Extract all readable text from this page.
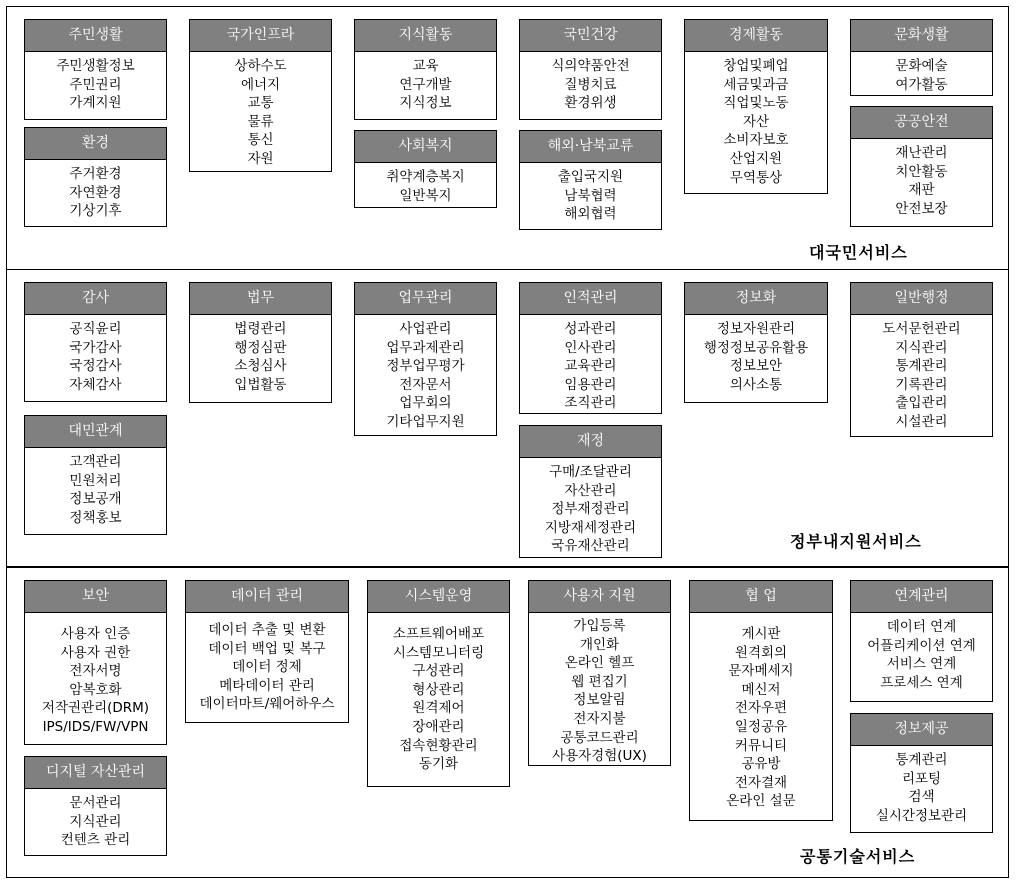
대국민서비스
주민생활
주민생활정보
주민권리
가계지원
환경
주거환경
자연환경
기상기후
국가인프라
상하수도
에너지
교통
물류
통신
자원
지식활동
교육
연구개발
지식정보
사회복지
취약계층복지
일반복지
국민건강
식의약품안전
질병치료
환경위생
해외·남북교류
출입국지원
남북협력
해외협력
경제활동
창업및폐업
세금및과금
직업및노동
자산
소비자보호
산업지원
무역통상
문화생활
문화예술
여가활동
공공안전
재난관리
치안활동
재판
안전보장
정부내지원서비스
감사
공직윤리
국가감사
국정감사
자체감사
대민관계
고객관리
민원처리
정보공개
정책홍보
법무
법령관리
행정심판
소청심사
입법활동
업무관리
사업관리
업무과제관리
정부업무평가
전자문서
업무회의
기타업무지원
인적관리
성과관리
인사관리
교육관리
임용관리
조직관리
재정
구매/조달관리
자산관리
정부재정관리
지방재세정관리
국유재산관리
정보화
정보자원관리
행정정보공유활용
정보보안
의사소통
일반행정
도서문헌관리
지식관리
통계관리
기록관리
출입관리
시설관리
공통기술서비스
보안
사용자 인증
사용자 권한
전자서명
암복호화
저작권관리(DRM)
IPS/IDS/FW/VPN
디지털 자산관리
문서관리
지식관리
컨텐츠 관리
데이터 관리
데이터 추출 및 변환
데이터 백업 및 복구
데이터 정제
메타데이터 관리
데이터마트/웨어하우스
시스템운영
소프트웨어배포
시스템모니터링
구성관리
형상관리
원격제어
장애관리
접속현황관리
동기화
사용자 지원
가입등록
개인화
온라인 헬프
웹 편집기
정보알림
전자지불
공통코드관리
사용자경험(UX)
협 업
게시판
원격회의
문자메세지
메신저
전자우편
일정공유
커뮤니티
공유방
전자결재
온라인 설문
연계관리
데이터 연계
어플리케이션 연계
서비스 연계
프로세스 연계
정보제공
통계관리
리포팅
검색
실시간정보관리
